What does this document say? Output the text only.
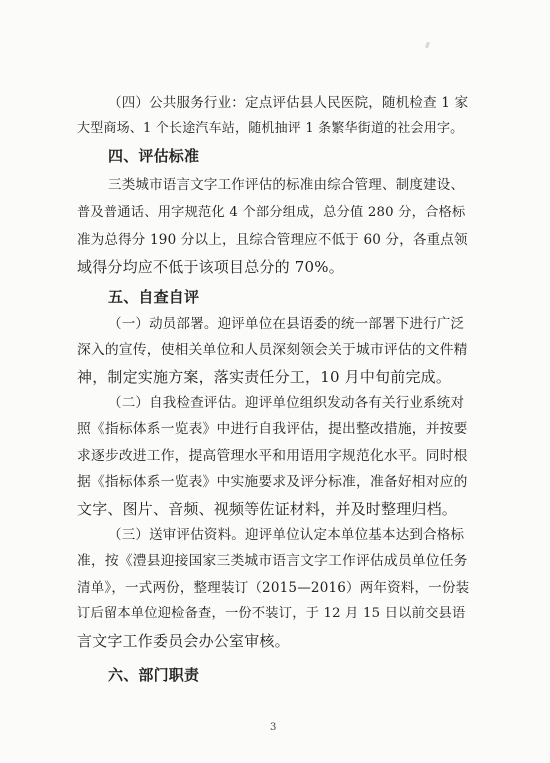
（四）公共服务行业：定点评估县人民医院，随机检查 1 家
大型商场、1 个长途汽车站，随机抽评 1 条繁华街道的社会用字。
四、评估标准
三类城市语言文字工作评估的标准由综合管理、制度建设、
普及普通话、用字规范化 4 个部分组成，总分值 280 分，合格标
准为总得分 190 分以上，且综合管理应不低于 60 分，各重点领
域得分均应不低于该项目总分的 70%。
五、自查自评
（一）动员部署。迎评单位在县语委的统一部署下进行广泛
深入的宣传，使相关单位和人员深刻领会关于城市评估的文件精
神，制定实施方案，落实责任分工，10 月中旬前完成。
（二）自我检查评估。迎评单位组织发动各有关行业系统对
照《指标体系一览表》中进行自我评估，提出整改措施，并按要
求逐步改进工作，提高管理水平和用语用字规范化水平。同时根
据《指标体系一览表》中实施要求及评分标准，准备好相对应的
文字、图片、音频、视频等佐证材料，并及时整理归档。
（三）送审评估资料。迎评单位认定本单位基本达到合格标
准，按《澧县迎接国家三类城市语言文字工作评估成员单位任务
清单》，一式两份，整理装订（2015—2016）两年资料，一份装
订后留本单位迎检备查，一份不装订，于 12 月 15 日以前交县语
言文字工作委员会办公室审核。
六、部门职责
3
